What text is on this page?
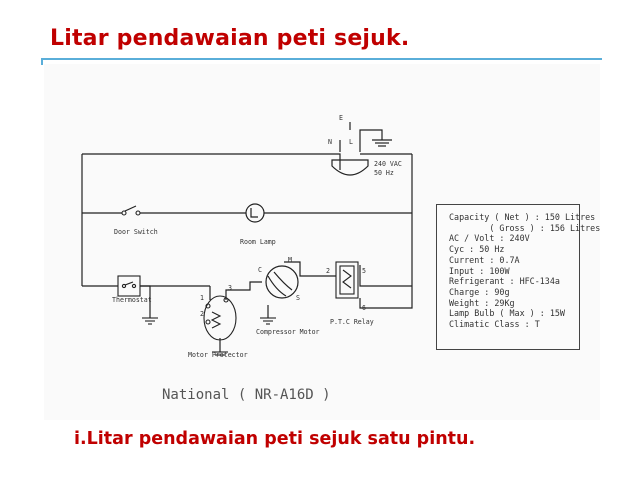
Litar pendawaian peti sejuk.
E
N	L
240 VAC
50 Hz
Door Switch
Room Lamp
Thermostat
Motor Protector
Compressor Motor
P.T.C Relay
C
M
S
1
2
3
2	5
6
National ( NR-A16D )
Capacity ( Net ) : 150 Litres
( Gross ) : 156 Litres
AC / Volt : 240V
Cyc : 50 Hz
Current : 0.7A
Input : 100W
Refrigerant : HFC-134a
Charge : 90g
Weight : 29Kg
Lamp Bulb ( Max ) : 15W
Climatic Class : T
i.Litar pendawaian peti sejuk satu pintu.
